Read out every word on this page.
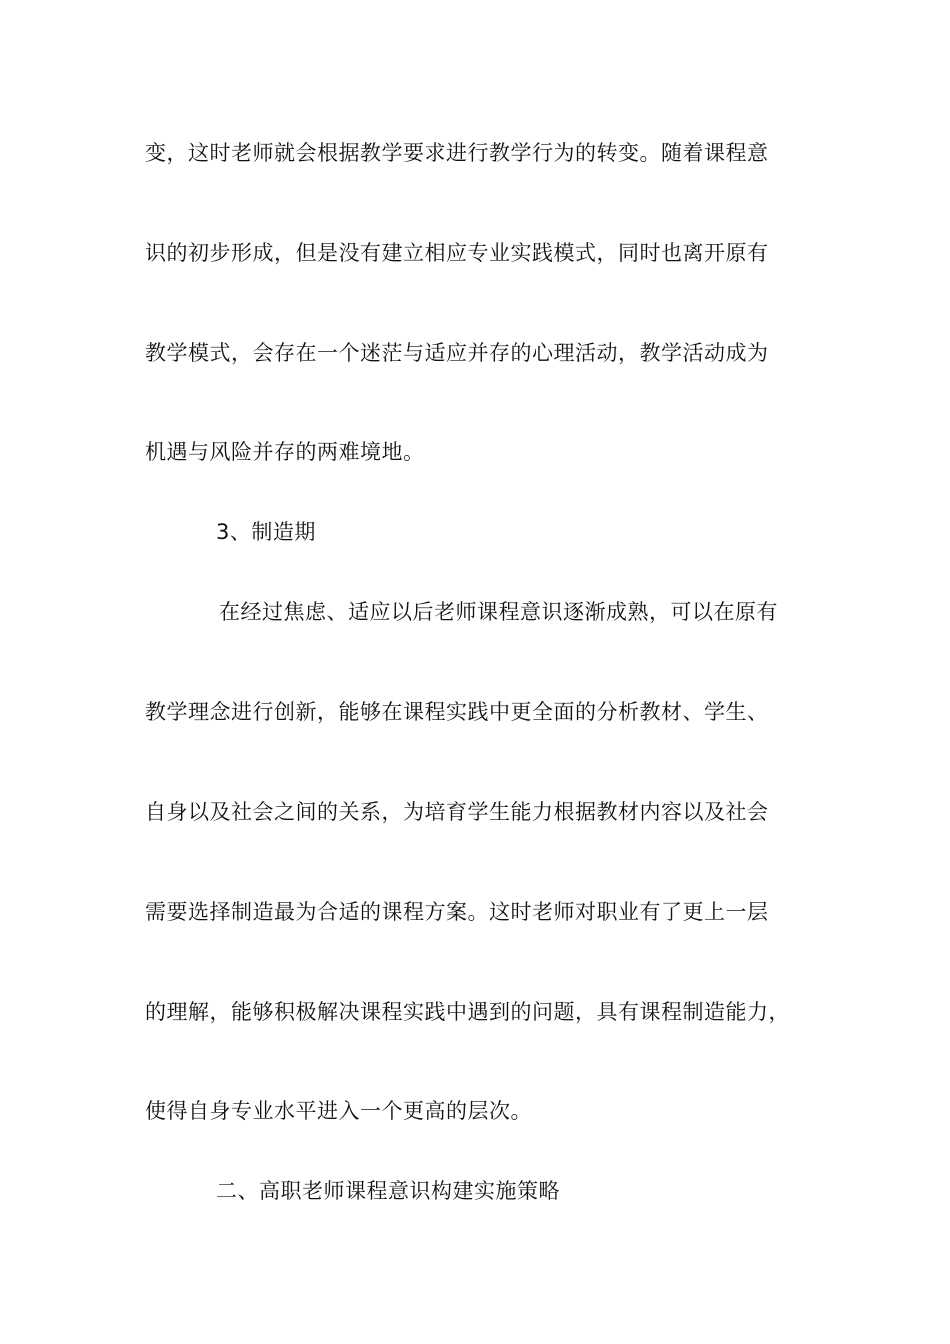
变，这时老师就会根据教学要求进行教学行为的转变。随着课程意
识的初步形成，但是没有建立相应专业实践模式，同时也离开原有
教学模式，会存在一个迷茫与适应并存的心理活动，教学活动成为
机遇与风险并存的两难境地。
3、制造期
在经过焦虑、适应以后老师课程意识逐渐成熟，可以在原有
教学理念进行创新，能够在课程实践中更全面的分析教材、学生、
自身以及社会之间的关系，为培育学生能力根据教材内容以及社会
需要选择制造最为合适的课程方案。这时老师对职业有了更上一层
的理解，能够积极解决课程实践中遇到的问题，具有课程制造能力，
使得自身专业水平进入一个更高的层次。
二、高职老师课程意识构建实施策略
